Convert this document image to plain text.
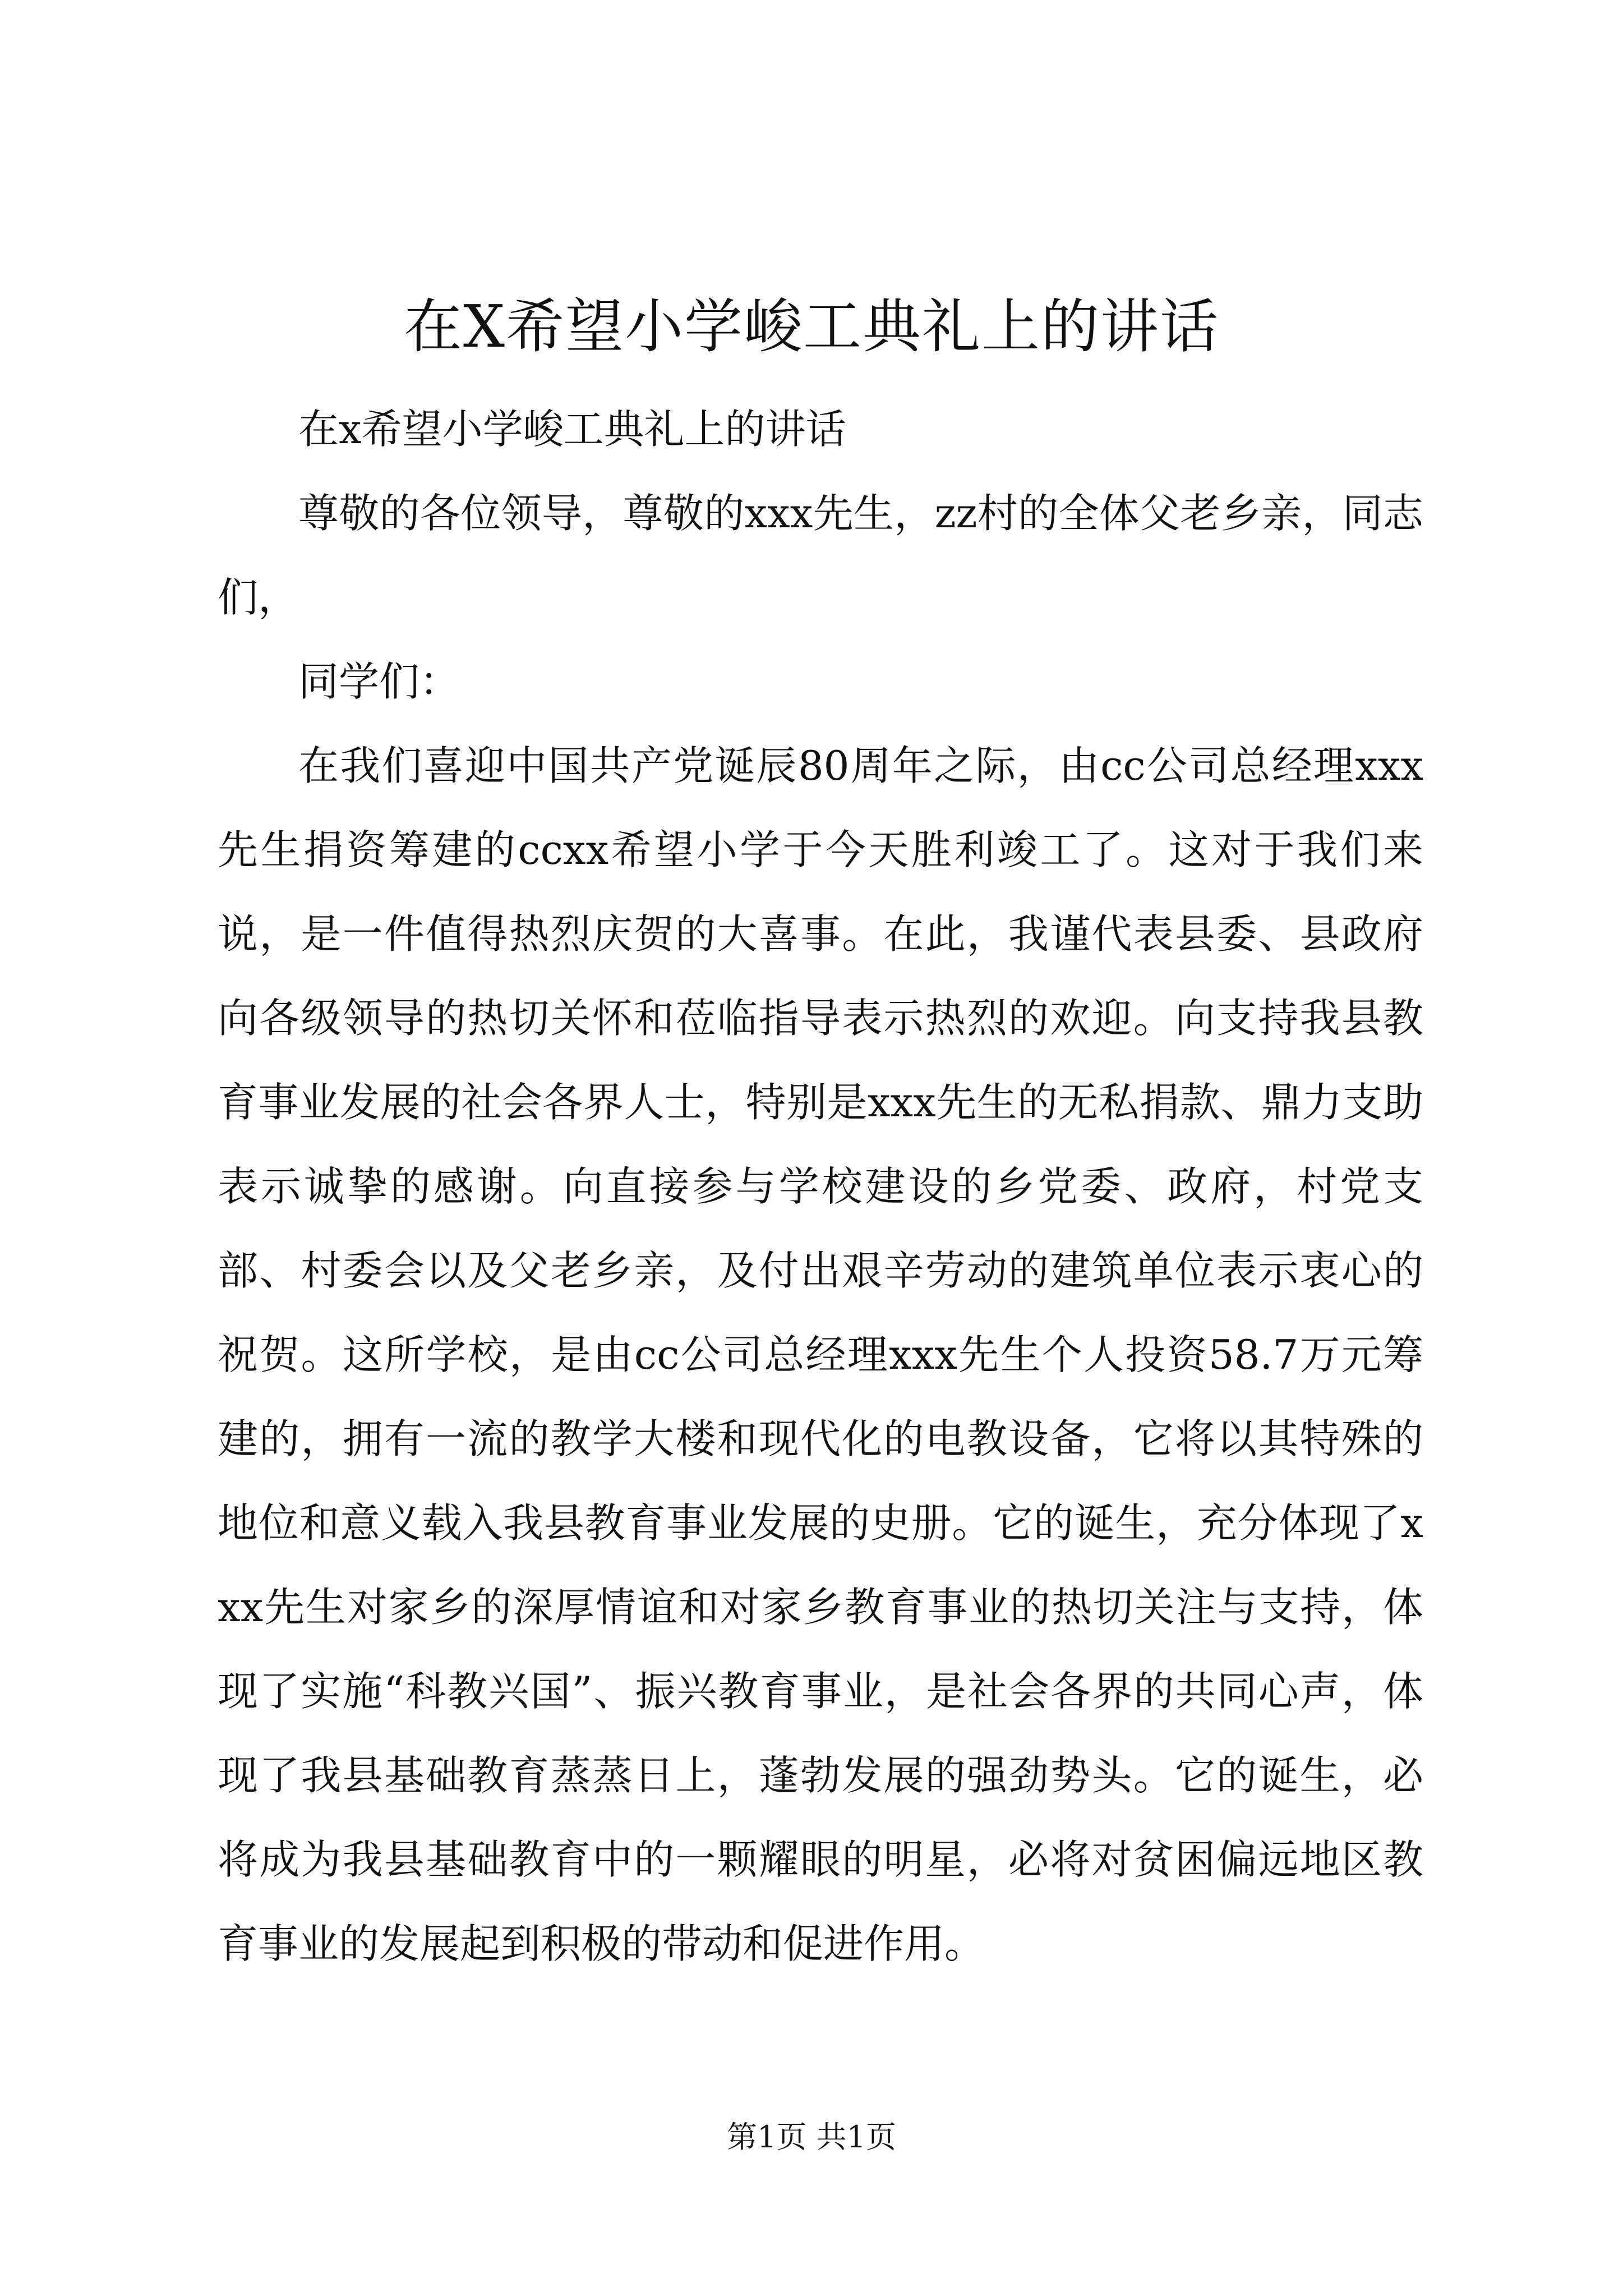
在X希望小学峻工典礼上的讲话

在x希望小学峻工典礼上的讲话

尊敬的各位领导，尊敬的xxx先生，zz村的全体父老乡亲，同志们，

同学们：

在我们喜迎中国共产党诞辰80周年之际，由cc公司总经理xxx先生捐资筹建的ccxx希望小学于今天胜利竣工了。这对于我们来说，是一件值得热烈庆贺的大喜事。在此，我谨代表县委、县政府向各级领导的热切关怀和莅临指导表示热烈的欢迎。向支持我县教育事业发展的社会各界人士，特别是xxx先生的无私捐款、鼎力支助表示诚挚的感谢。向直接参与学校建设的乡党委、政府，村党支部、村委会以及父老乡亲，及付出艰辛劳动的建筑单位表示衷心的祝贺。这所学校，是由cc公司总经理xxx先生个人投资58.7万元筹建的，拥有一流的教学大楼和现代化的电教设备，它将以其特殊的地位和意义载入我县教育事业发展的史册。它的诞生，充分体现了xxx先生对家乡的深厚情谊和对家乡教育事业的热切关注与支持，体现了实施“科教兴国”、振兴教育事业，是社会各界的共同心声，体现了我县基础教育蒸蒸日上，蓬勃发展的强劲势头。它的诞生，必将成为我县基础教育中的一颗耀眼的明星，必将对贫困偏远地区教育事业的发展起到积极的带动和促进作用。

第1页 共1页
